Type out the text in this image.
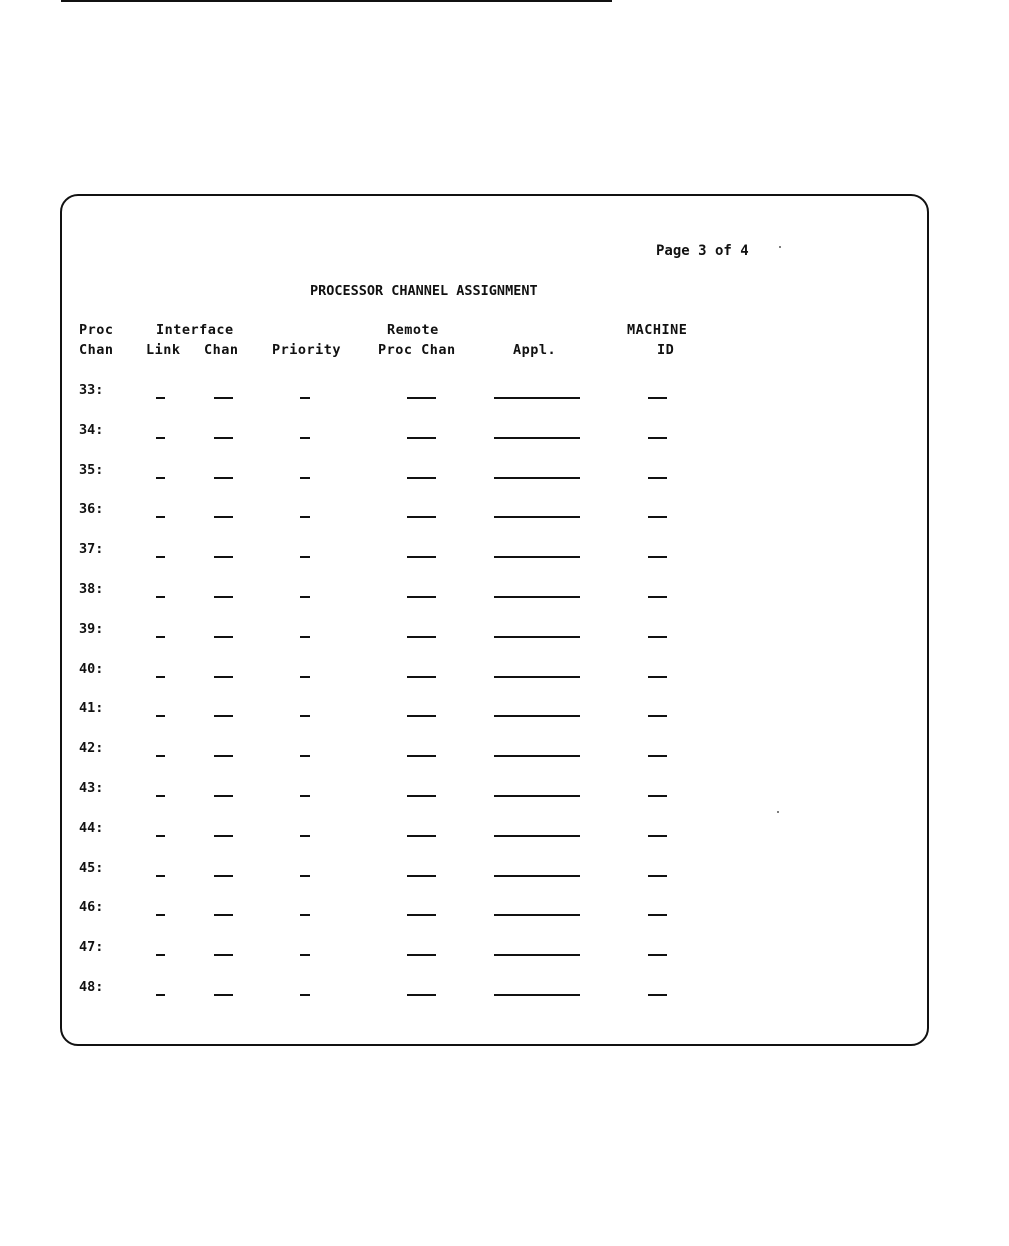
Page 3 of 4
PROCESSOR CHANNEL ASSIGNMENT
Proc
Chan
Interface
Link Chan Priority
Remote
Proc Chan	Appl.
MACHINE
ID
33:
34:
35:
36:
37:
38:
39:
40:
41:
42:
43:
44:
45:
46:
47:
48:
